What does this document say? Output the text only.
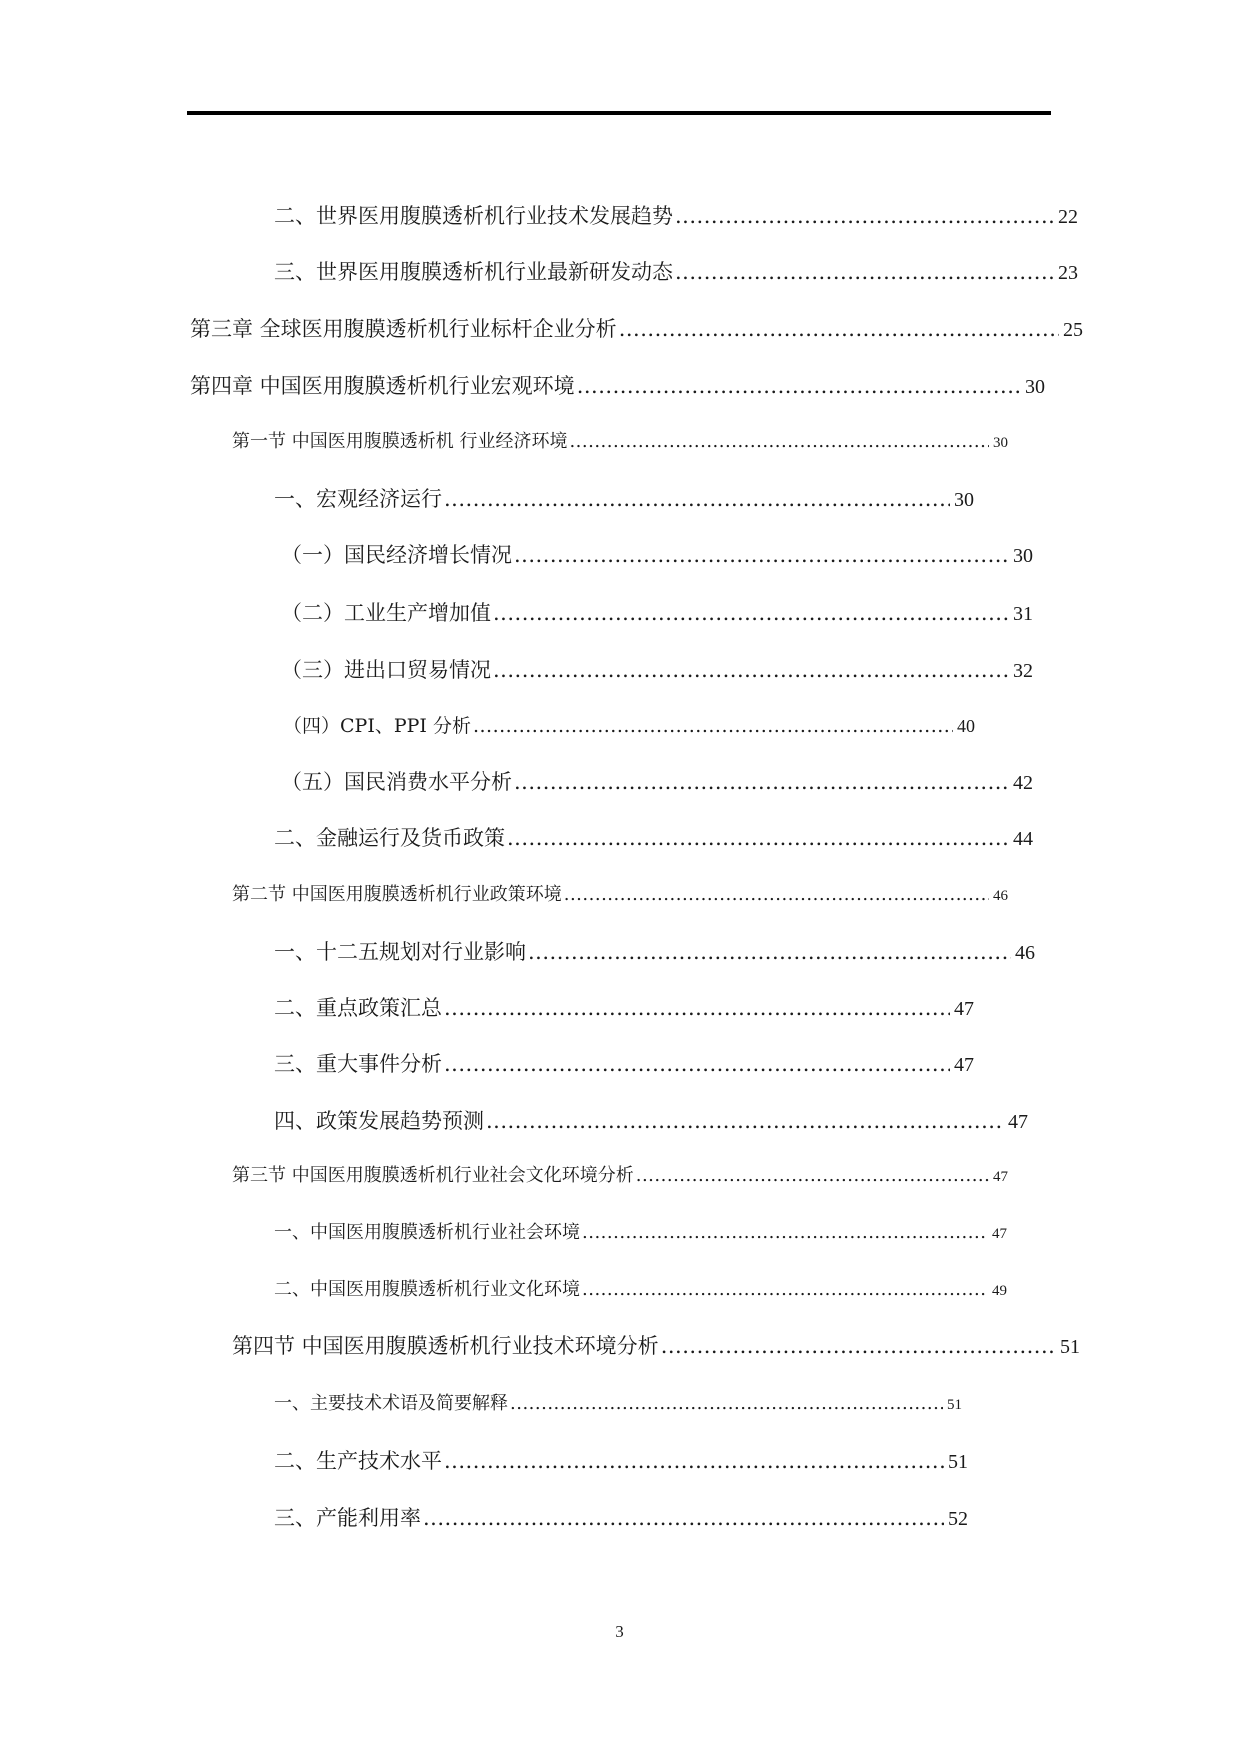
二、世界医用腹膜透析机行业技术发展趋势 .....	22
三、世界医用腹膜透析机行业最新研发动态 .....	23
第三章 全球医用腹膜透析机行业标杆企业分析 .....	25
第四章 中国医用腹膜透析机行业宏观环境 .....	30
第一节 中国医用腹膜透析机 行业经济环境 .....	30
一、宏观经济运行 .....	30
（一）国民经济增长情况 .....	30
（二）工业生产增加值 .....	31
（三）进出口贸易情况 .....	32
（四）CPI、PPI 分析 .....	40
（五）国民消费水平分析 .....	42
二、金融运行及货币政策 .....	44
第二节 中国医用腹膜透析机行业政策环境 .....	46
一、十二五规划对行业影响 .....	46
二、重点政策汇总 .....	47
三、重大事件分析 .....	47
四、政策发展趋势预测 .....	47
第三节 中国医用腹膜透析机行业社会文化环境分析 .....	47
一、中国医用腹膜透析机行业社会环境 .....	47
二、中国医用腹膜透析机行业文化环境 .....	49
第四节 中国医用腹膜透析机行业技术环境分析 .....	51
一、主要技术术语及简要解释 .....	51
二、生产技术水平 .....	51
三、产能利用率 .....	52
3
